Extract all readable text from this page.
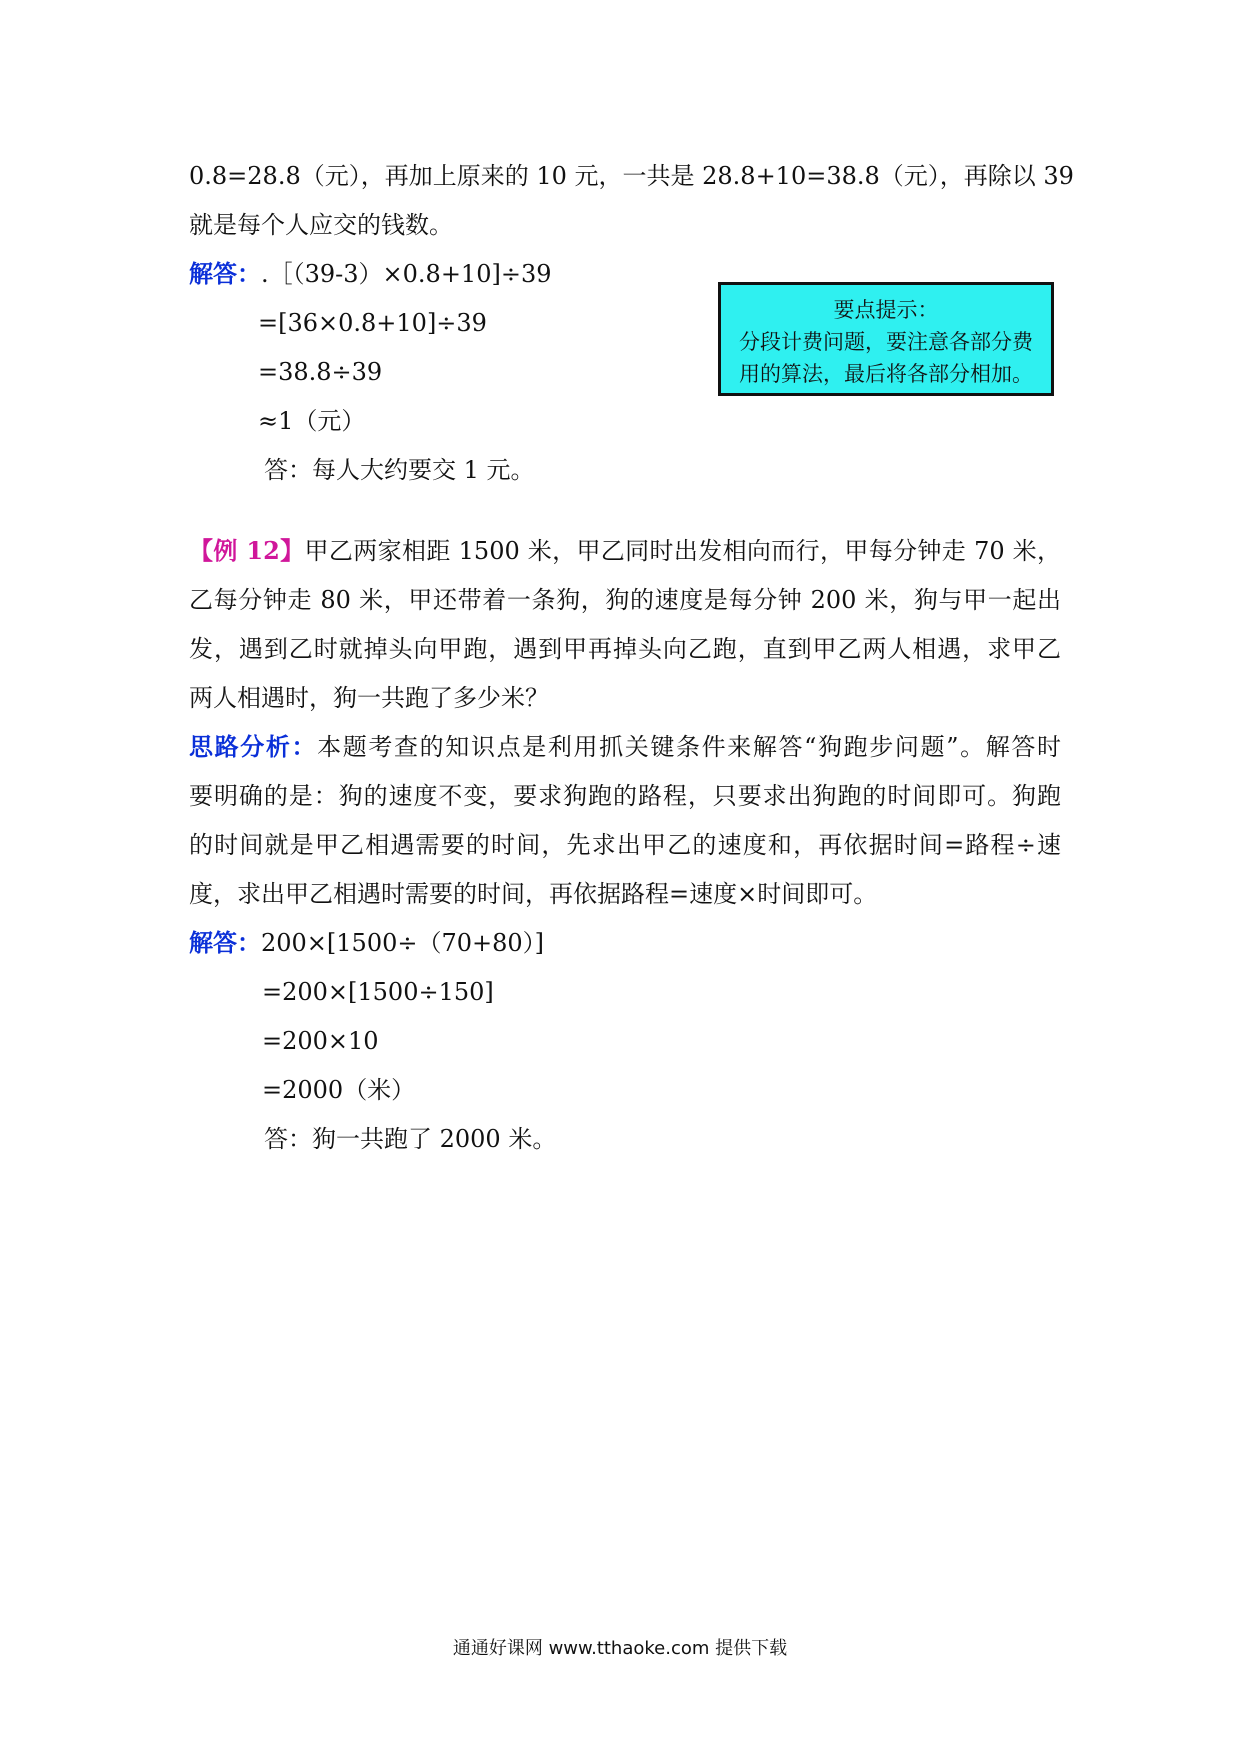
0.8=28.8（元），再加上原来的 10 元，一共是 28.8+10=38.8（元），再除以 39
就是每个人应交的钱数。
解答：.［（39-3）×0.8+10]÷39
=[36×0.8+10]÷39
=38.8÷39
≈1（元）
答：每人大约要交 1 元。
要点提示：
分段计费问题，要注意各部分费
用的算法，最后将各部分相加。
【例 12】甲乙两家相距 1500 米，甲乙同时出发相向而行，甲每分钟走 70 米，
乙每分钟走 80 米，甲还带着一条狗，狗的速度是每分钟 200 米，狗与甲一起出
发，遇到乙时就掉头向甲跑，遇到甲再掉头向乙跑，直到甲乙两人相遇，求甲乙
两人相遇时，狗一共跑了多少米？
思路分析：本题考查的知识点是利用抓关键条件来解答“狗跑步问题”。解答时
要明确的是：狗的速度不变，要求狗跑的路程，只要求出狗跑的时间即可。狗跑
的时间就是甲乙相遇需要的时间，先求出甲乙的速度和，再依据时间=路程÷速
度，求出甲乙相遇时需要的时间，再依据路程=速度×时间即可。
解答：200×[1500÷（70+80）]
=200×[1500÷150]
=200×10
=2000（米）
答：狗一共跑了 2000 米。
通通好课网 www.tthaoke.com 提供下载
